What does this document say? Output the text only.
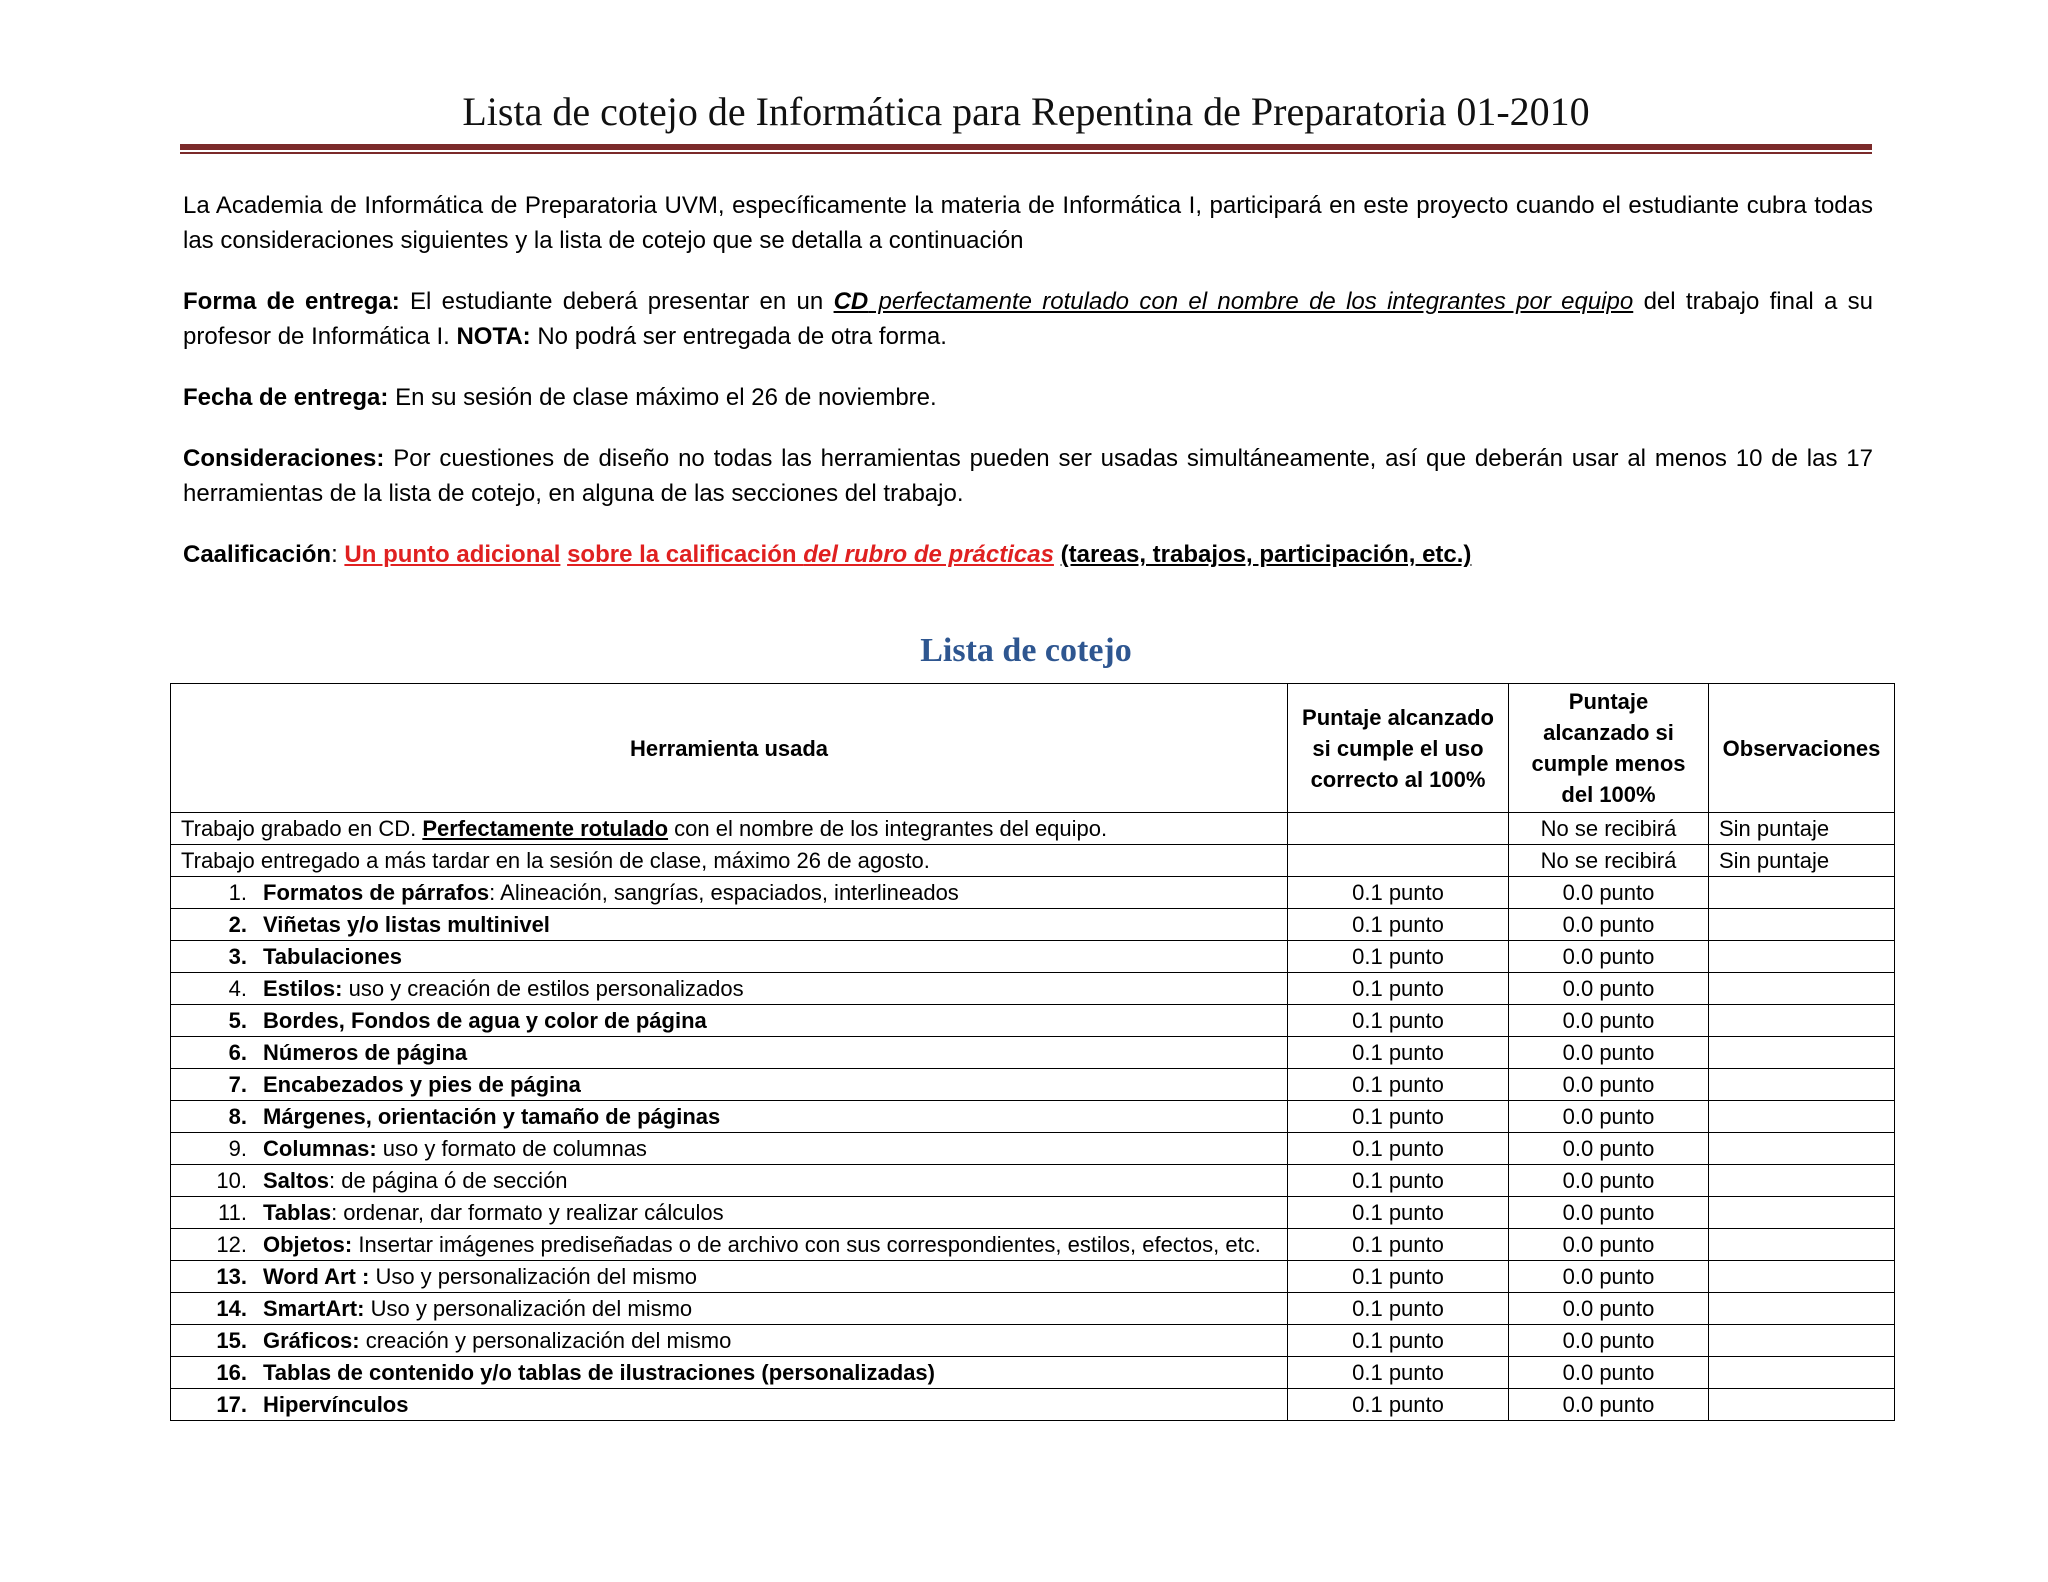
Lista de cotejo de Informática para Repentina de Preparatoria 01-2010

La Academia de Informática de Preparatoria UVM, específicamente la materia de Informática I, participará en este proyecto cuando el estudiante cubra todas las consideraciones siguientes y la lista de cotejo que se detalla a continuación

Forma de entrega: El estudiante deberá presentar en un CD perfectamente rotulado con el nombre de los integrantes por equipo del trabajo final a su profesor de Informática I. NOTA: No podrá ser entregada de otra forma.

Fecha de entrega: En su sesión de clase máximo el 26 de noviembre.

Consideraciones: Por cuestiones de diseño no todas las herramientas pueden ser usadas simultáneamente, así que deberán usar al menos 10 de las 17 herramientas de la lista de cotejo, en alguna de las secciones del trabajo.

Caalificación: Un punto adicional sobre la calificación del rubro de prácticas (tareas, trabajos, participación, etc.)

Lista de cotejo
Herramienta usada	Puntaje alcanzado si cumple el uso correcto al 100%	Puntaje alcanzado si cumple menos del 100%	Observaciones
Trabajo grabado en CD. Perfectamente rotulado con el nombre de los integrantes del equipo.		No se recibirá	Sin puntaje
Trabajo entregado a más tardar en la sesión de clase, máximo 26 de agosto.		No se recibirá	Sin puntaje

1. Formatos de párrafos: Alineación, sangrías, espaciados, interlineados	0.1 punto	0.0 punto	

2. Viñetas y/o listas multinivel	0.1 punto	0.0 punto	

3. Tabulaciones	0.1 punto	0.0 punto	

4. Estilos: uso y creación de estilos personalizados	0.1 punto	0.0 punto	

5. Bordes, Fondos de agua y color de página	0.1 punto	0.0 punto	

6. Números de página	0.1 punto	0.0 punto	

7. Encabezados y pies de página	0.1 punto	0.0 punto	

8. Márgenes, orientación y tamaño de páginas	0.1 punto	0.0 punto	

9. Columnas: uso y formato de columnas	0.1 punto	0.0 punto	

10. Saltos: de página ó de sección	0.1 punto	0.0 punto	

11. Tablas: ordenar, dar formato y realizar cálculos	0.1 punto	0.0 punto	

12. Objetos: Insertar imágenes prediseñadas o de archivo con sus correspondientes, estilos, efectos, etc.	0.1 punto	0.0 punto	

13. Word Art : Uso y personalización del mismo	0.1 punto	0.0 punto	

14. SmartArt: Uso y personalización del mismo	0.1 punto	0.0 punto	

15. Gráficos: creación y personalización del mismo	0.1 punto	0.0 punto	

16. Tablas de contenido y/o tablas de ilustraciones (personalizadas)	0.1 punto	0.0 punto	

17. Hipervínculos	0.1 punto	0.0 punto	
